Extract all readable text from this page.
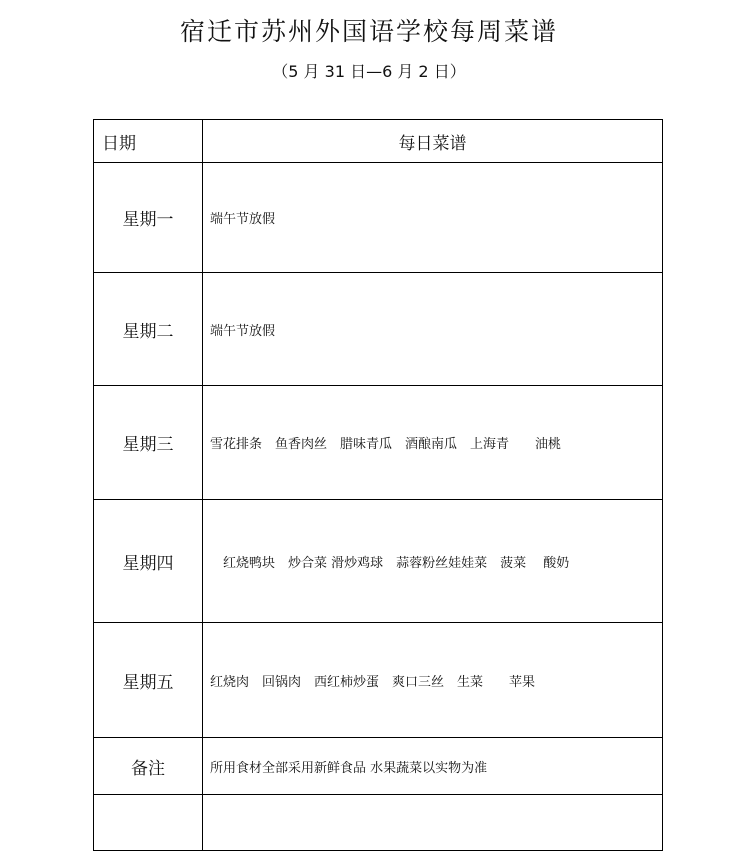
宿迁市苏州外国语学校每周菜谱
（5 月 31 日—6 月 2 日）
日期	每日菜谱
星期一	端午节放假
星期二	端午节放假
星期三	雪花排条　鱼香肉丝　腊味青瓜　酒酿南瓜　上海青　　油桃
星期四	　红烧鸭块　炒合菜 滑炒鸡球　蒜蓉粉丝娃娃菜　菠菜　 酸奶
星期五	红烧肉　回锅肉　西红柿炒蛋　爽口三丝　生菜　　苹果
备注	所用食材全部采用新鲜食品 水果蔬菜以实物为准
